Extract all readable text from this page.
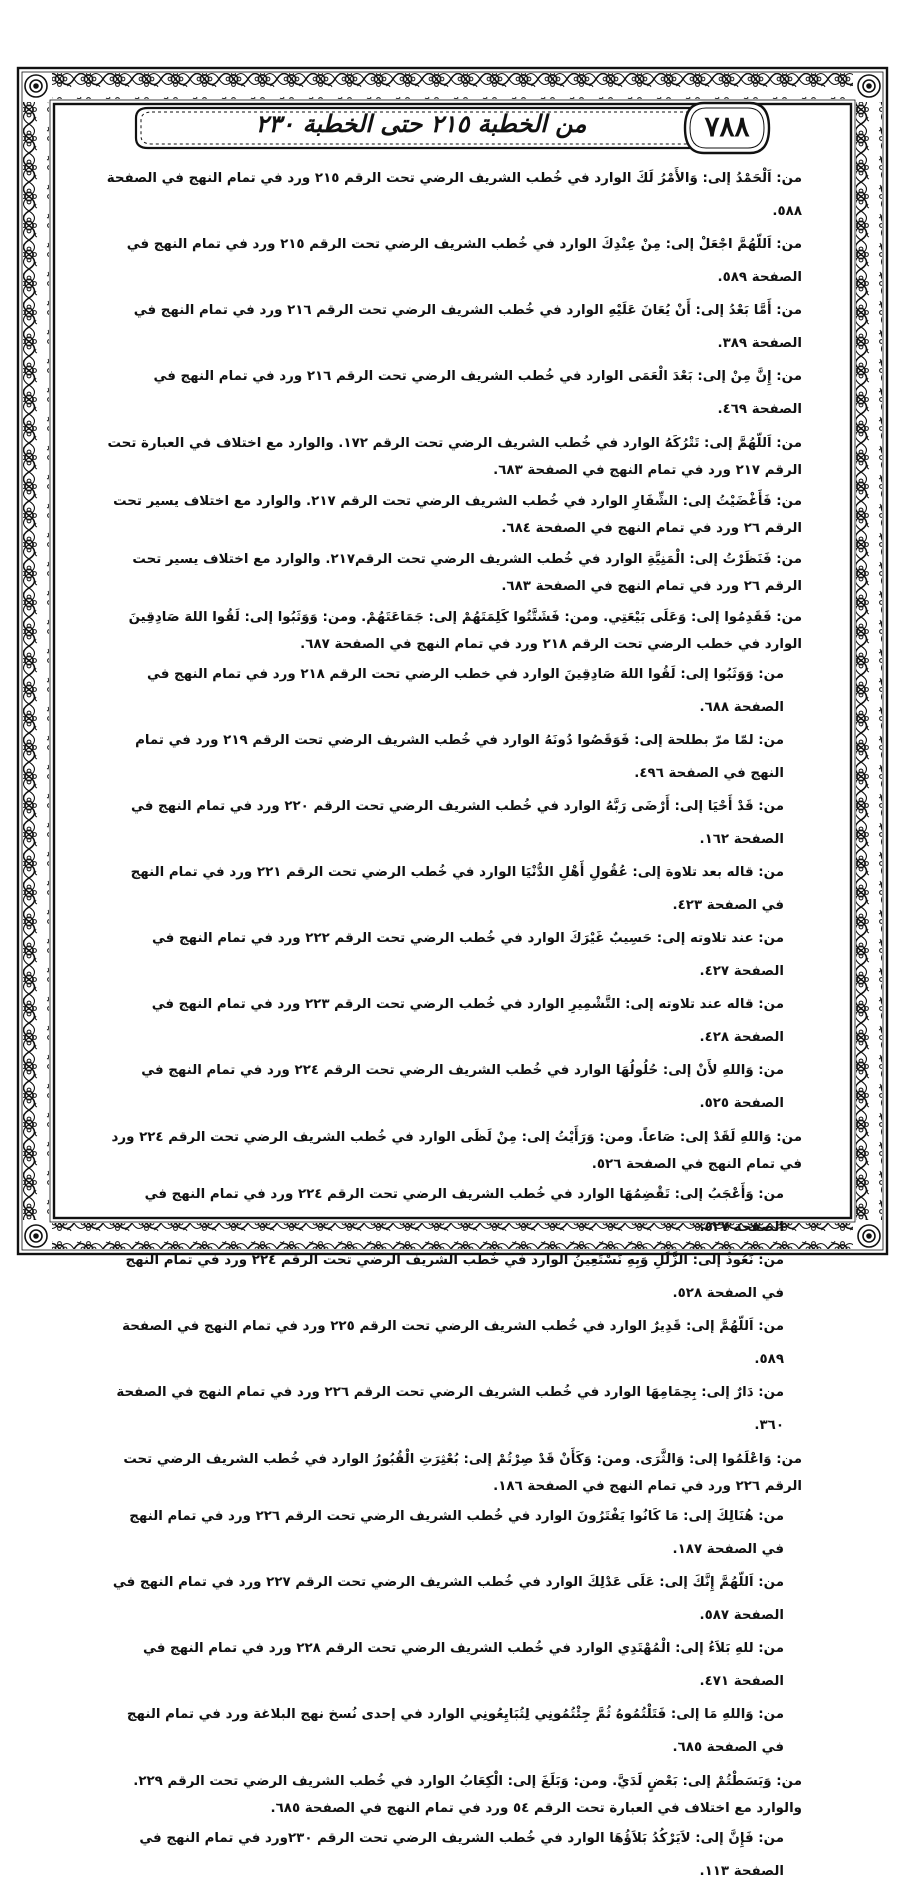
من الخطبة ٢١٥ حتى الخطبة ٢٣٠	٧٨٨

من: اَلْحَمْدُ إلى: وَالأَمْرُ لَكَ الوارد في خُطب الشريف الرضي تحت الرقم ٢١٥ ورد في تمام النهج في الصفحة ٥٨٨.

من: اَللّهُمَّ اجْعَلْ إلى: مِنْ عِنْدِكَ الوارد في خُطب الشريف الرضي تحت الرقم ٢١٥ ورد في تمام النهج في الصفحة ٥٨٩.

من: أَمَّا بَعْدُ إلى: أَنْ يُعَانَ عَلَيْهِ الوارد في خُطب الشريف الرضي تحت الرقم ٢١٦ ورد في تمام النهج في الصفحة ٣٨٩.

من: إِنَّ مِنْ إلى: بَعْدَ الْعَمَى الوارد في خُطب الشريف الرضي تحت الرقم ٢١٦ ورد في تمام النهج في الصفحة ٤٦٩.

من: اَللّهُمَّ إلى: تَتْرُكَهُ الوارد في خُطب الشريف الرضي تحت الرقم ١٧٢. والوارد مع اختلاف في العبارة تحت الرقم ٢١٧ ورد في تمام النهج في الصفحة ٦٨٣.

من: فَأَغْضَيْتُ إلى: الشِّفَارِ الوارد في خُطب الشريف الرضي تحت الرقم ٢١٧. والوارد مع اختلاف يسير تحت الرقم ٢٦ ورد في تمام النهج في الصفحة ٦٨٤.

من: فَنَظَرْتُ إلى: الْمَنِيَّةِ الوارد في خُطب الشريف الرضي تحت الرقم٢١٧. والوارد مع اختلاف يسير تحت الرقم ٢٦ ورد في تمام النهج في الصفحة ٦٨٣.

من: فَقَدِمُوا إلى: وَعَلَى بَيْعَتِي. ومن: فَشَتَّتُوا كَلِمَتَهُمْ إلى: جَمَاعَتَهُمْ. ومن: وَوَثَبُوا إلى: لَقُوا اللهَ صَادِقِينَ الوارد في خطب الرضي تحت الرقم ٢١٨ ورد في تمام النهج في الصفحة ٦٨٧.

من: وَوَثَبُوا إلى: لَقُوا اللهَ صَادِقِينَ الوارد في خطب الرضي تحت الرقم ٢١٨ ورد في تمام النهج في الصفحة ٦٨٨.

من: لمّا مرّ بطلحة إلى: فَوَقَصُوا دُونَهُ الوارد في خُطب الشريف الرضي تحت الرقم ٢١٩ ورد في تمام النهج في الصفحة ٤٩٦.

من: قَدْ أَحْيَا إلى: أَرْضَى رَبَّهُ الوارد في خُطب الشريف الرضي تحت الرقم ٢٢٠ ورد في تمام النهج في الصفحة ١٦٢.

من: قاله بعد تلاوة إلى: عُقُولِ أَهْلِ الدُّنْيَا الوارد في خُطب الرضي تحت الرقم ٢٢١ ورد في تمام النهج في الصفحة ٤٢٣.

من: عند تلاوته إلى: حَسِيبٌ غَيْرَكَ الوارد في خُطب الرضي تحت الرقم ٢٢٢ ورد في تمام النهج في الصفحة ٤٢٧.

من: قاله عند تلاوته إلى: التَّشْمِيرِ الوارد في خُطب الرضي تحت الرقم ٢٢٣ ورد في تمام النهج في الصفحة ٤٢٨.

من: وَاللهِ لأَنْ إلى: حُلُولُهَا الوارد في خُطب الشريف الرضي تحت الرقم ٢٢٤ ورد في تمام النهج في الصفحة ٥٢٥.

من: وَاللهِ لَقَدْ إلى: صَاعاً. ومن: وَرَأَيْتُ إلى: مِنْ لَظَى الوارد في خُطب الشريف الرضي تحت الرقم ٢٢٤ ورد في تمام النهج في الصفحة ٥٢٦.

من: وَأَعْجَبُ إلى: تَقْضِمُهَا الوارد في خُطب الشريف الرضي تحت الرقم ٢٢٤ ورد في تمام النهج في الصفحة ٥٢٧.

من: نَعُوذُ إلى: الزَّلَلِ وَبِهِ نَسْتَعِينُ الوارد في خُطب الشريف الرضي تحت الرقم ٢٢٤ ورد في تمام النهج في الصفحة ٥٢٨.

من: اَللّهُمَّ إلى: قَدِيرٌ الوارد في خُطب الشريف الرضي تحت الرقم ٢٢٥ ورد في تمام النهج في الصفحة ٥٨٩.

من: دَارٌ إلى: بِحِمَامِهَا الوارد في خُطب الشريف الرضي تحت الرقم ٢٢٦ ورد في تمام النهج في الصفحة ٣٦٠.

من: وَاعْلَمُوا إلى: وَالثَّرَى. ومن: وَكَأَنْ قَدْ صِرْتُمْ إلى: بُعْثِرَتِ الْقُبُورُ الوارد في خُطب الشريف الرضي تحت الرقم ٢٢٦ ورد في تمام النهج في الصفحة ١٨٦.

من: هُنَالِكَ إلى: مَا كَانُوا يَفْتَرُونَ الوارد في خُطب الشريف الرضي تحت الرقم ٢٢٦ ورد في تمام النهج في الصفحة ١٨٧.

من: اَللّهُمَّ إِنَّكَ إلى: عَلَى عَدْلِكَ الوارد في خُطب الشريف الرضي تحت الرقم ٢٢٧ ورد في تمام النهج في الصفحة ٥٨٧.

من: للهِ بَلاَءُ إلى: الْمُهْتَدِي الوارد في خُطب الشريف الرضي تحت الرقم ٢٢٨ ورد في تمام النهج في الصفحة ٤٧١.

من: وَاللهِ مَا إلى: فَتَلْتُمُوهُ ثُمَّ جِئْتُمُونِي لِتُبَايِعُونِي الوارد في إحدى نُسخ نهج البلاغة ورد في تمام النهج في الصفحة ٦٨٥.

من: وَبَسَطْتُمْ إلى: بَعْضٍ لَدَيَّ. ومن: وَبَلَغَ إلى: الْكِعَابُ الوارد في خُطب الشريف الرضي تحت الرقم ٢٢٩. والوارد مع اختلاف في العبارة تحت الرقم ٥٤ ورد في تمام النهج في الصفحة ٦٨٥.

من: فَإِنَّ إلى: لاَيَرْكُدُ بَلاَؤُهَا الوارد في خُطب الشريف الرضي تحت الرقم ٢٣٠ورد في تمام النهج في الصفحة ١١٣.
